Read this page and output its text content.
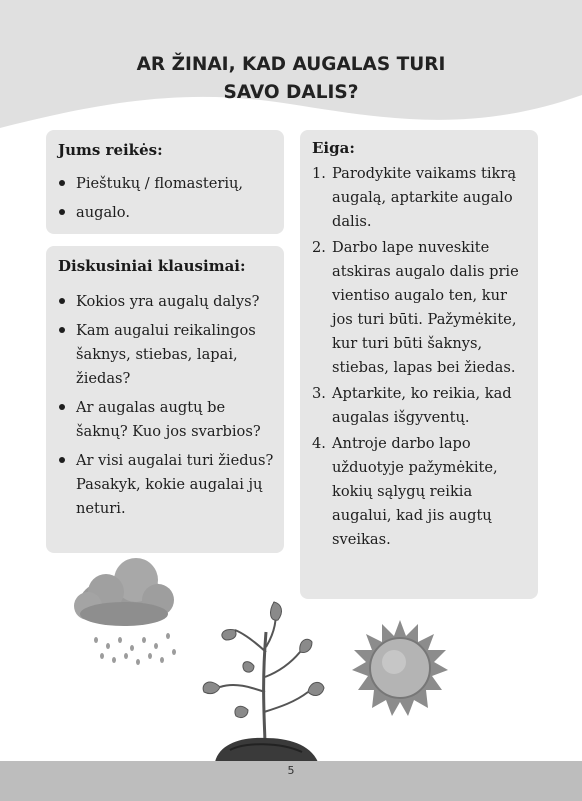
AR ŽINAI, KAD AUGALAS TURI
SAVO DALIS?
Jums reikės:
Pieštukų / flomasterių,
augalo.
Diskusiniai klausimai:
Kokios yra augalų dalys?
Kam augalui reikalingos šaknys, stiebas, lapai, žiedas?
Ar augalas augtų be šaknų? Kuo jos svarbios?
Ar visi augalai turi žiedus? Pasakyk, kokie augalai jų neturi.
Eiga:
1. Parodykite vaikams tikrą augalą, aptarkite augalo dalis.
2. Darbo lape nuveskite atskiras augalo dalis prie vientiso augalo ten, kur jos turi būti. Pažymėkite, kur turi būti šaknys, stiebas, lapas bei žiedas.
3. Aptarkite, ko reikia, kad augalas išgyventų.
4. Antroje darbo lapo užduotyje pažymėkite, kokių sąlygų reikia augalui, kad jis augtų sveikas.
5
